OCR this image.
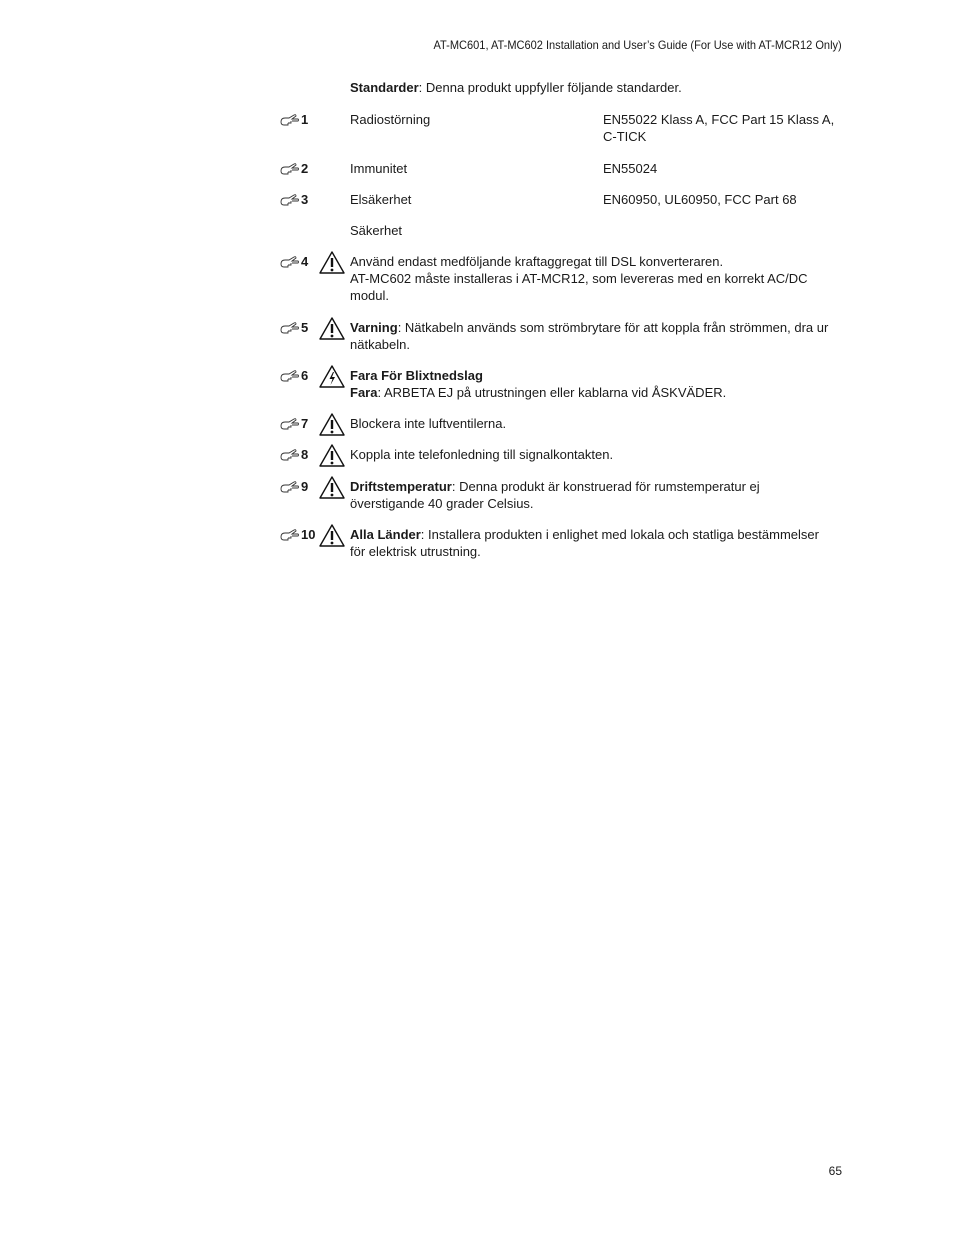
AT-MC601, AT-MC602 Installation and User’s Guide (For Use with AT-MCR12 Only)
Standarder: Denna produkt uppfyller följande standarder.
1	Radiostörning	EN55022 Klass A, FCC Part 15 Klass A,
C-TICK
2	Immunitet	EN55024
3	Elsäkerhet	EN60950, UL60950, FCC Part 68
Säkerhet
4	Använd endast medföljande kraftaggregat till DSL konverteraren.
AT-MC602 måste installeras i AT-MCR12, som levereras med en korrekt AC/DC
modul.
5	Varning: Nätkabeln används som strömbrytare för att koppla från strömmen, dra ur
nätkabeln.
6	Fara För Blixtnedslag
Fara: ARBETA EJ på utrustningen eller kablarna vid ÅSKVÄDER.
7	Blockera inte luftventilerna.
8	Koppla inte telefonledning till signalkontakten.
9	Driftstemperatur: Denna produkt är konstruerad för rumstemperatur ej
överstigande 40 grader Celsius.
10	Alla Länder: Installera produkten i enlighet med lokala och statliga bestämmelser
för elektrisk utrustning.
65
